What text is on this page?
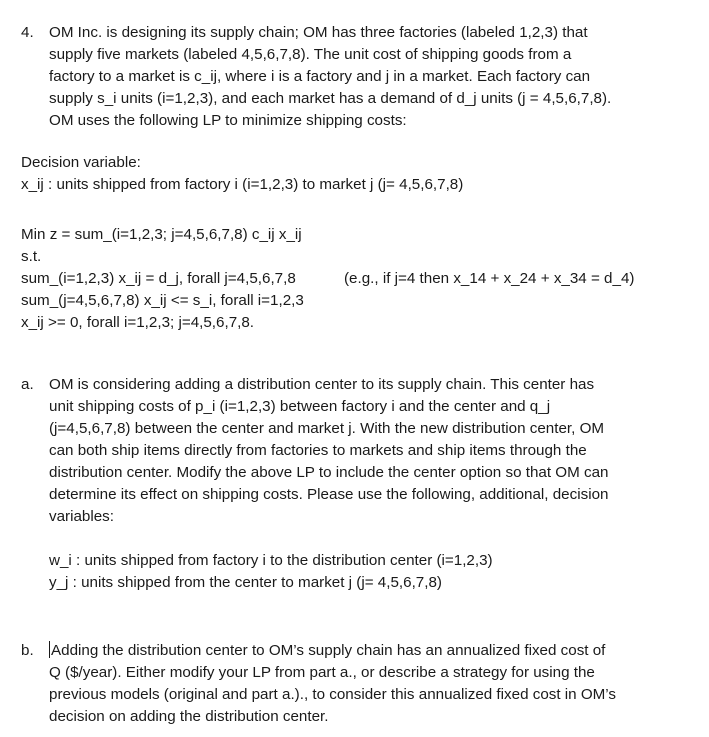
4.	OM Inc. is designing its supply chain; OM has three factories (labeled 1,2,3) that
supply five markets (labeled 4,5,6,7,8). The unit cost of shipping goods from a
factory to a market is c_ij, where i is a factory and j in a market. Each factory can
supply s_i units (i=1,2,3), and each market has a demand of d_j units (j = 4,5,6,7,8).
OM uses the following LP to minimize shipping costs:
Decision variable:
x_ij : units shipped from factory i (i=1,2,3) to market j (j= 4,5,6,7,8)
Min z = sum_(i=1,2,3; j=4,5,6,7,8) c_ij x_ij
s.t.
sum_(i=1,2,3) x_ij = d_j, forall j=4,5,6,7,8	(e.g., if j=4 then x_14 + x_24 + x_34 = d_4)
sum_(j=4,5,6,7,8) x_ij <= s_i, forall i=1,2,3
x_ij >= 0, forall i=1,2,3; j=4,5,6,7,8.
a. OM is considering adding a distribution center to its supply chain. This center has
unit shipping costs of p_i (i=1,2,3) between factory i and the center and q_j
(j=4,5,6,7,8) between the center and market j. With the new distribution center, OM
can both ship items directly from factories to markets and ship items through the
distribution center. Modify the above LP to include the center option so that OM can
determine its effect on shipping costs. Please use the following, additional, decision
variables:
w_i : units shipped from factory i to the distribution center (i=1,2,3)
y_j : units shipped from the center to market j (j= 4,5,6,7,8)
b. Adding the distribution center to OM’s supply chain has an annualized fixed cost of
Q ($/year). Either modify your LP from part a., or describe a strategy for using the
previous models (original and part a.)., to consider this annualized fixed cost in OM’s
decision on adding the distribution center.
